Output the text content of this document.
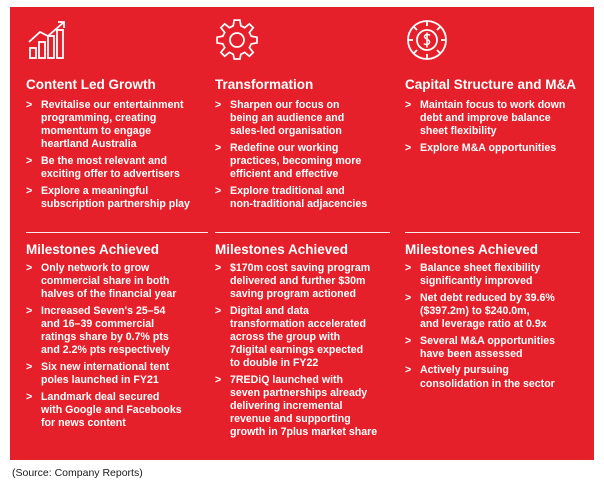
Content Led Growth
> Revitalise our entertainment
programming, creating
momentum to engage
heartland Australia
> Be the most relevant and
exciting offer to advertisers
> Explore a meaningful
subscription partnership play
Milestones Achieved
> Only network to grow
commercial share in both
halves of the financial year
> Increased Seven's 25–54
and 16–39 commercial
ratings share by 0.7% pts
and 2.2% pts respectively
> Six new international tent
poles launched in FY21
> Landmark deal secured
with Google and Facebooks
for news content
Transformation
> Sharpen our focus on
being an audience and
sales-led organisation
> Redefine our working
practices, becoming more
efficient and effective
> Explore traditional and
non-traditional adjacencies
Milestones Achieved
> $170m cost saving program
delivered and further $30m
saving program actioned
> Digital and data
transformation accelerated
across the group with
7digital earnings expected
to double in FY22
> 7REDiQ launched with
seven partnerships already
delivering incremental
revenue and supporting
growth in 7plus market share
Capital Structure and M&A
> Maintain focus to work down
debt and improve balance
sheet flexibility
> Explore M&A opportunities
Milestones Achieved
> Balance sheet flexibility
significantly improved
> Net debt reduced by 39.6%
($397.2m) to $240.0m,
and leverage ratio at 0.9x
> Several M&A opportunities
have been assessed
> Actively pursuing
consolidation in the sector
(Source: Company Reports)
